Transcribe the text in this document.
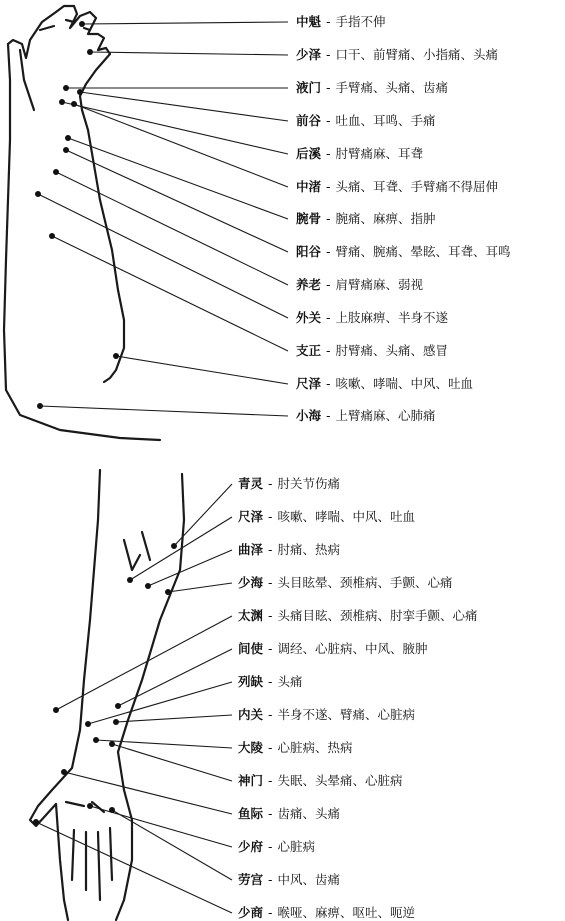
中魁 - 手指不伸
少泽 - 口干、前臂痛、小指痛、头痛
液门 - 手臂痛、头痛、齿痛
前谷 - 吐血、耳鸣、手痛
后溪 - 肘臂痛麻、耳聋
中渚 - 头痛、耳聋、手臂痛不得屈伸
腕骨 - 腕痛、麻痹、指肿
阳谷 - 臂痛、腕痛、晕眩、耳聋、耳鸣
养老 - 肩臂痛麻、弱视
外关 - 上肢麻痹、半身不遂
支正 - 肘臂痛、头痛、感冒
尺泽 - 咳嗽、哮喘、中风、吐血
小海 - 上臂痛麻、心肺痛
青灵 - 肘关节伤痛
尺泽 - 咳嗽、哮喘、中风、吐血
曲泽 - 肘痛、热病
少海 - 头目眩晕、颈椎病、手颤、心痛
太渊 - 头痛目眩、颈椎病、肘挛手颤、心痛
间使 - 调经、心脏病、中风、腋肿
列缺 - 头痛
内关 - 半身不遂、臂痛、心脏病
大陵 - 心脏病、热病
神门 - 失眠、头晕痛、心脏病
鱼际 - 齿痛、头痛
少府 - 心脏病
劳宫 - 中风、齿痛
少商 - 喉哑、麻痹、呕吐、呃逆
